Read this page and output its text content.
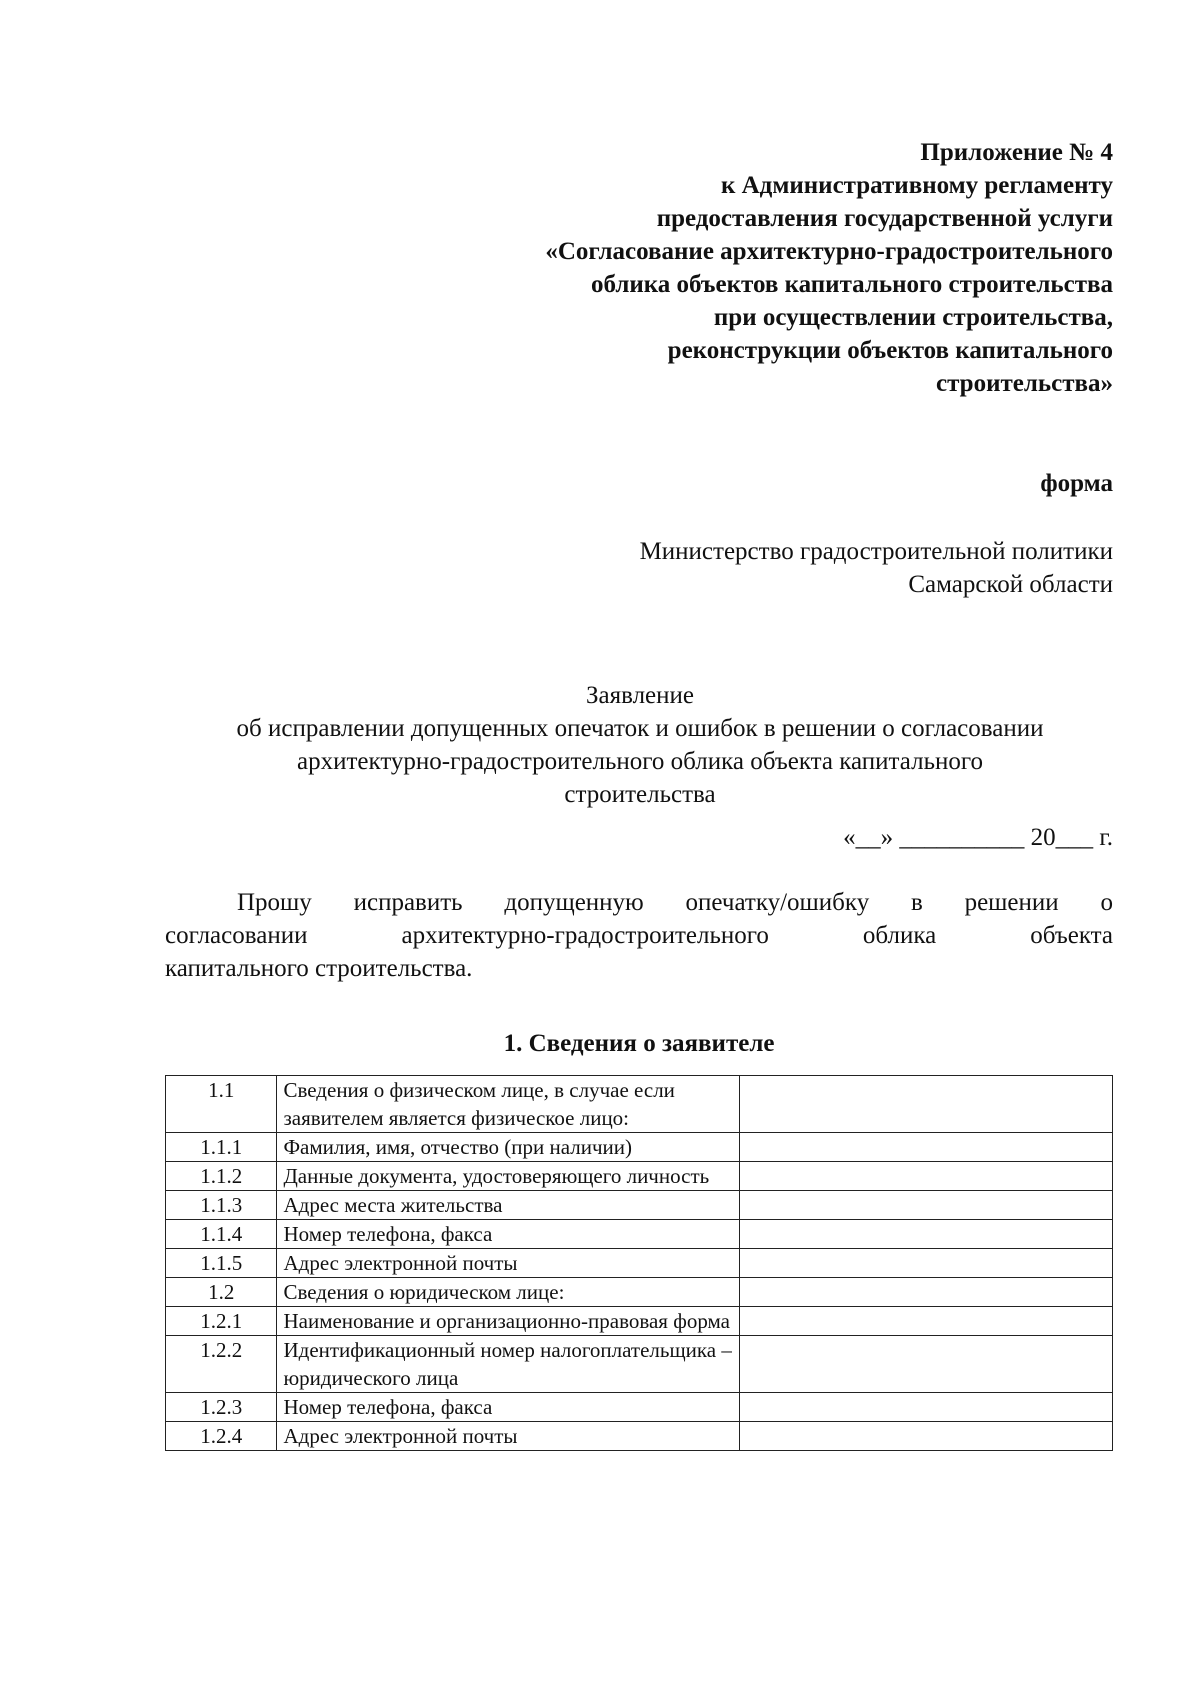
Приложение № 4
к Административному регламенту
предоставления государственной услуги
«Согласование архитектурно-градостроительного
облика объектов капитального строительства
при осуществлении строительства,
реконструкции объектов капитального
строительства»
форма
Министерство градостроительной политики
Самарской области
Заявление
об исправлении допущенных опечаток и ошибок в решении о согласовании
архитектурно-градостроительного облика объекта капитального
строительства
«__» __________ 20___ г.
Прошу исправить допущенную опечатку/ошибку в решении о
согласовании	архитектурно-градостроительного	облика	объекта
капитального строительства.
1. Сведения о заявителе
1.1	Сведения о физическом лице, в случае если заявителем является физическое лицо:	
1.1.1	Фамилия, имя, отчество (при наличии)	
1.1.2	Данные документа, удостоверяющего личность	
1.1.3	Адрес места жительства	
1.1.4	Номер телефона, факса	
1.1.5	Адрес электронной почты	
1.2	Сведения о юридическом лице:	
1.2.1	Наименование и организационно-правовая форма	
1.2.2	Идентификационный номер налогоплательщика – юридического лица	
1.2.3	Номер телефона, факса	
1.2.4	Адрес электронной почты	
